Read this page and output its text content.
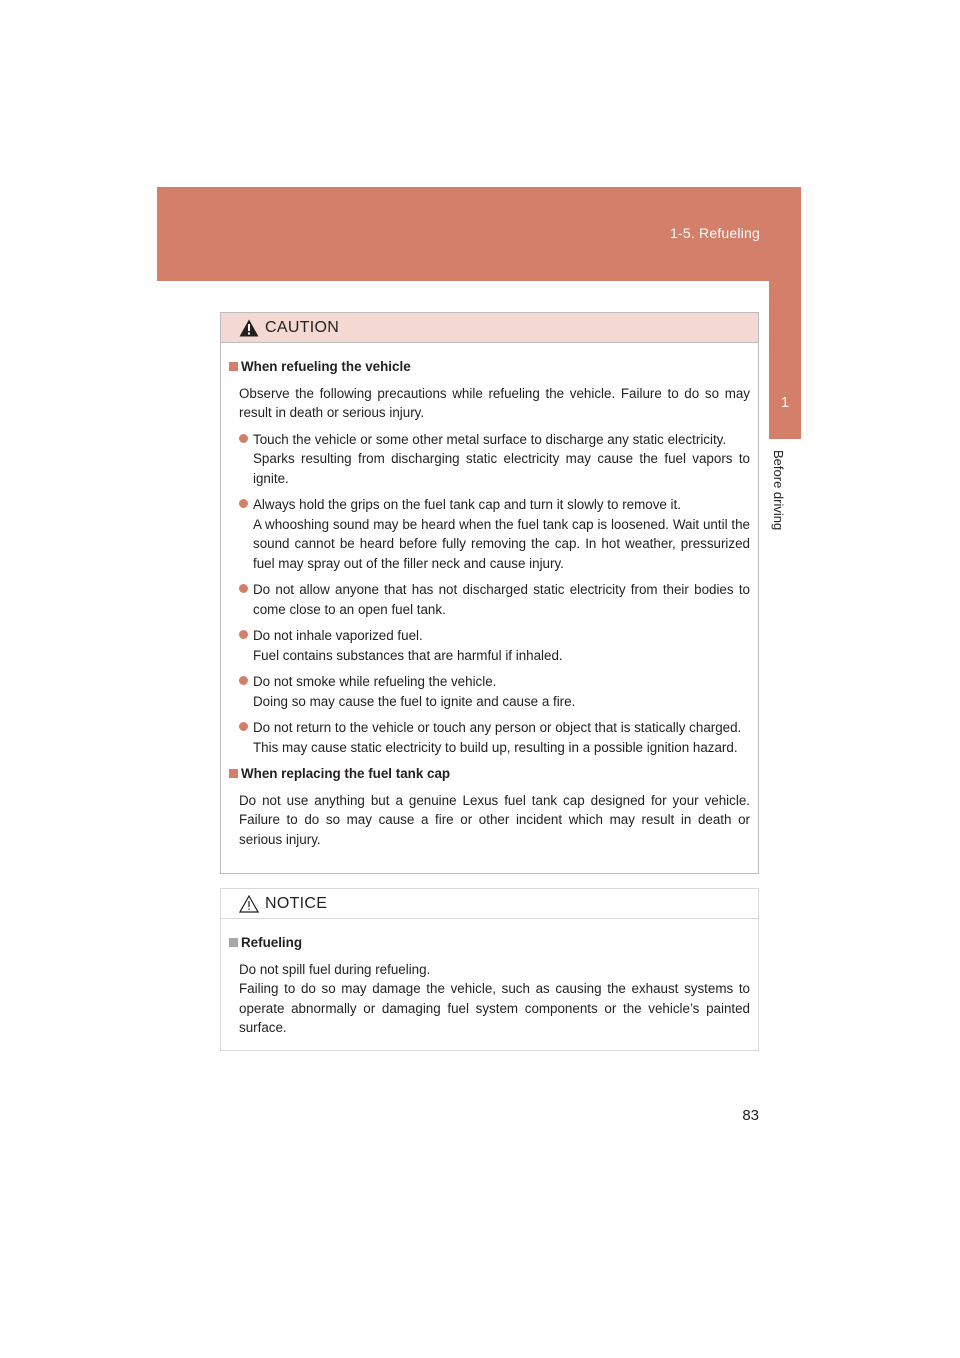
1-5. Refueling
1
Before driving
CAUTION
When refueling the vehicle
Observe the following precautions while refueling the vehicle. Failure to do so may result in death or serious injury.
Touch the vehicle or some other metal surface to discharge any static electricity.
Sparks resulting from discharging static electricity may cause the fuel vapors to ignite.
Always hold the grips on the fuel tank cap and turn it slowly to remove it.
A whooshing sound may be heard when the fuel tank cap is loosened. Wait until the sound cannot be heard before fully removing the cap. In hot weather, pressurized fuel may spray out of the filler neck and cause injury.
Do not allow anyone that has not discharged static electricity from their bodies to come close to an open fuel tank.
Do not inhale vaporized fuel.
Fuel contains substances that are harmful if inhaled.
Do not smoke while refueling the vehicle.
Doing so may cause the fuel to ignite and cause a fire.
Do not return to the vehicle or touch any person or object that is statically charged.
This may cause static electricity to build up, resulting in a possible ignition hazard.
When replacing the fuel tank cap
Do not use anything but a genuine Lexus fuel tank cap designed for your vehicle. Failure to do so may cause a fire or other incident which may result in death or serious injury.
NOTICE
Refueling
Do not spill fuel during refueling.
Failing to do so may damage the vehicle, such as causing the exhaust systems to operate abnormally or damaging fuel system components or the vehicle’s painted surface.
83
